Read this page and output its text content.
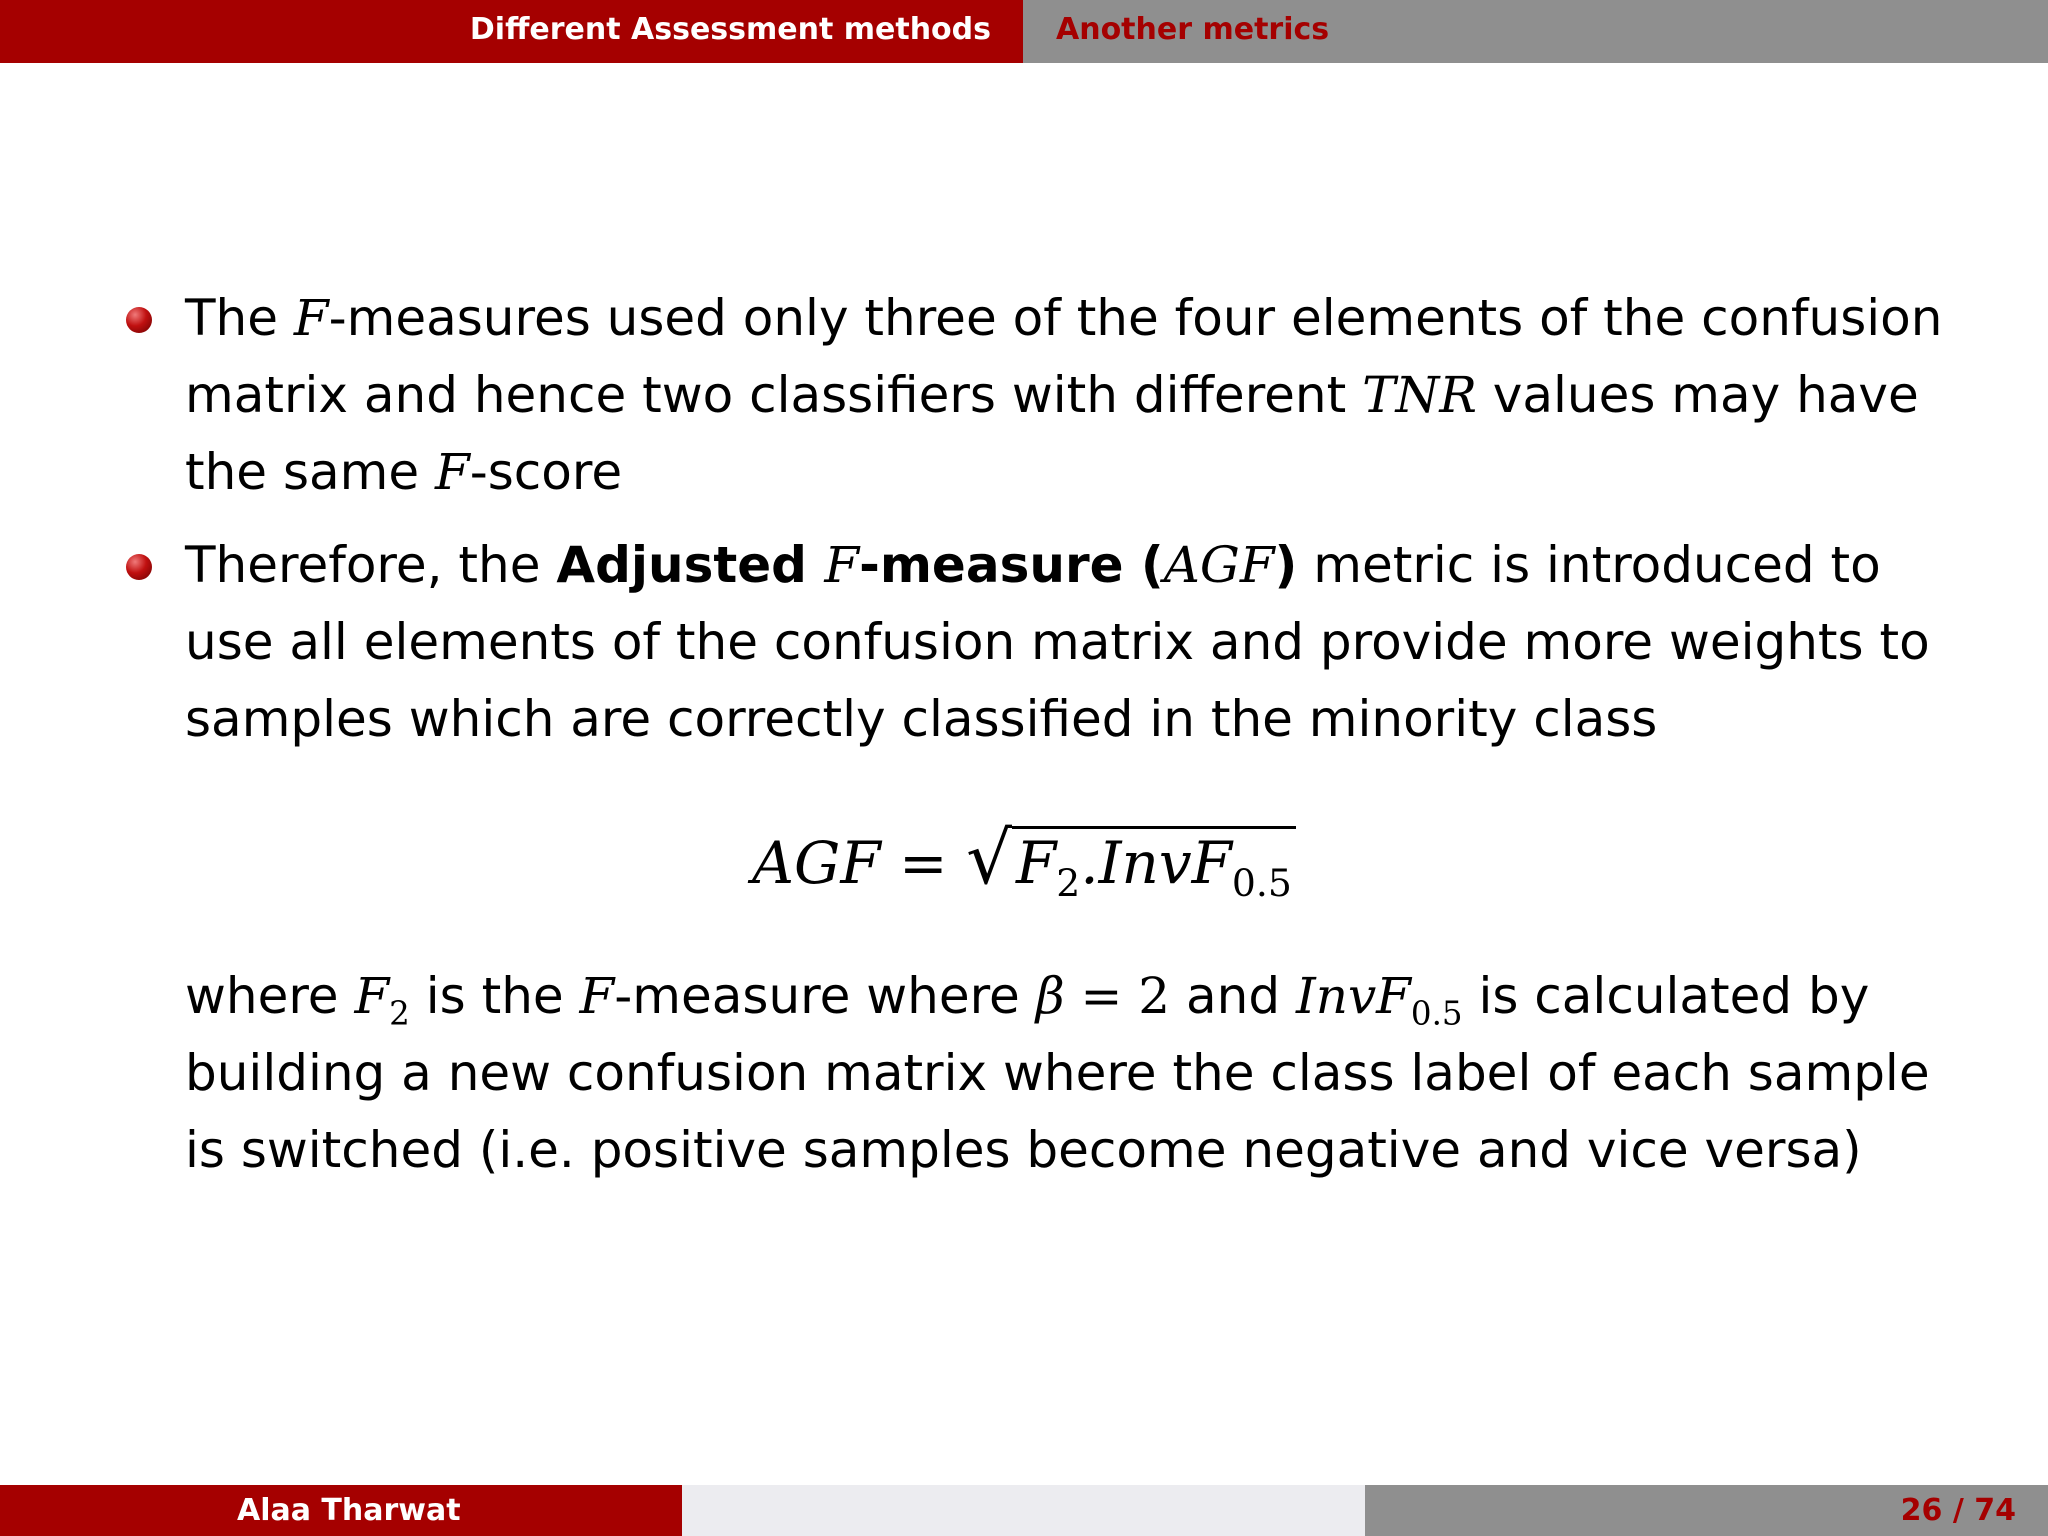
Different Assessment methods Another metrics
The F-measures used only three of the four elements of the confusion matrix and hence two classifiers with different TNR values may have the same F-score
Therefore, the Adjusted F-measure (AGF) metric is introduced to use all elements of the confusion matrix and provide more weights to samples which are correctly classified in the minority class
AGF = $√F_2.InvF_{0.5}$
where $F_2$ is the F-measure where β = 2 and InvF$_{0.5}$ is calculated by building a new confusion matrix where the class label of each sample is switched (i.e. positive samples become negative and vice versa)
Alaa Tharwat	26 / 74
